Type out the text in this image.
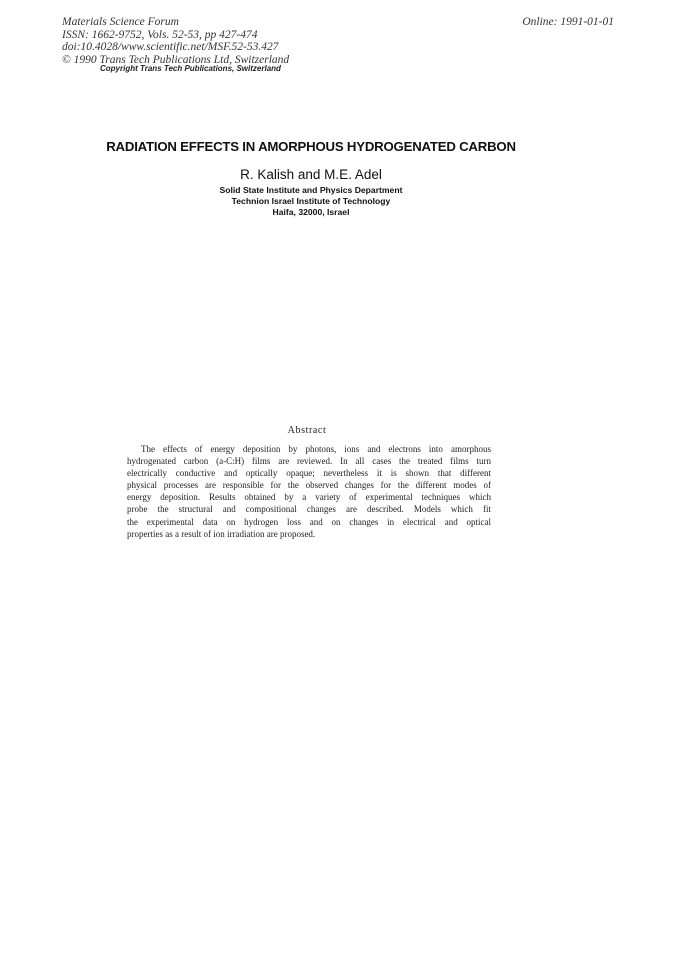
Materials Science Forum
ISSN: 1662-9752, Vols. 52-53, pp 427-474
doi:10.4028/www.scientific.net/MSF.52-53.427
© 1990 Trans Tech Publications Ltd, Switzerland
Online: 1991-01-01
Copyright Trans Tech Publications, Switzerland
RADIATION EFFECTS IN AMORPHOUS HYDROGENATED CARBON
R. Kalish and M.E. Adel
Solid State Institute and Physics Department
Technion Israel Institute of Technology
Haifa, 32000, Israel
Abstract
The effects of energy deposition by photons, ions and electrons into amorphous
hydrogenated carbon (a-C:H) films are reviewed. In all cases the treated films turn
electrically conductive and optically opaque; nevertheless it is shown that different
physical processes are responsible for the observed changes for the different modes of
energy deposition. Results obtained by a variety of experimental techniques which
probe the structural and compositional changes are described. Models which fit
the experimental data on hydrogen loss and on changes in electrical and optical
properties as a result of ion irradiation are proposed.
